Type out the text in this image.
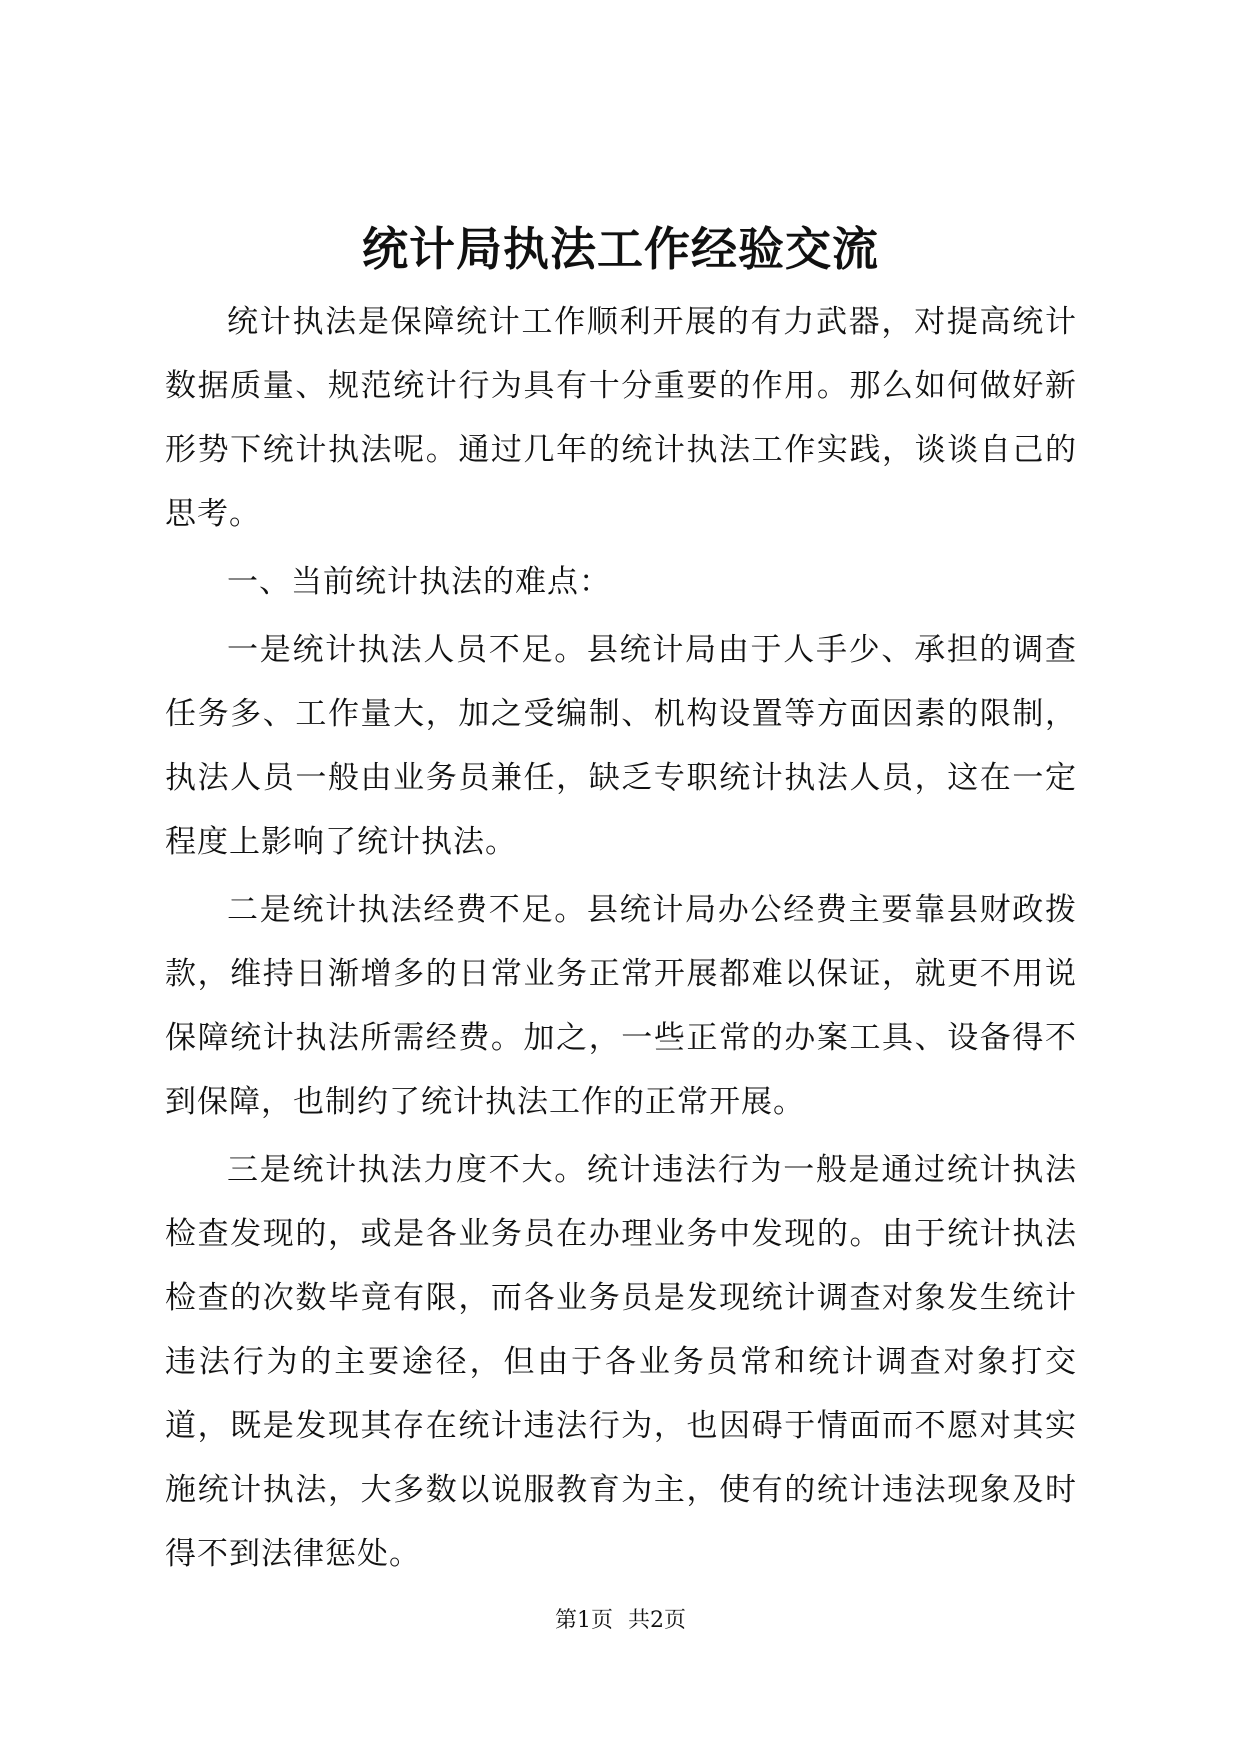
统计局执法工作经验交流

统计执法是保障统计工作顺利开展的有力武器，对提高统计数据质量、规范统计行为具有十分重要的作用。那么如何做好新形势下统计执法呢。通过几年的统计执法工作实践，谈谈自己的思考。

一、当前统计执法的难点：

一是统计执法人员不足。县统计局由于人手少、承担的调查任务多、工作量大，加之受编制、机构设置等方面因素的限制，执法人员一般由业务员兼任，缺乏专职统计执法人员，这在一定程度上影响了统计执法。

二是统计执法经费不足。县统计局办公经费主要靠县财政拨款，维持日渐增多的日常业务正常开展都难以保证，就更不用说保障统计执法所需经费。加之，一些正常的办案工具、设备得不到保障，也制约了统计执法工作的正常开展。

三是统计执法力度不大。统计违法行为一般是通过统计执法检查发现的，或是各业务员在办理业务中发现的。由于统计执法检查的次数毕竟有限，而各业务员是发现统计调查对象发生统计违法行为的主要途径，但由于各业务员常和统计调查对象打交道，既是发现其存在统计违法行为，也因碍于情面而不愿对其实施统计执法，大多数以说服教育为主，使有的统计违法现象及时得不到法律惩处。

第1页 共2页
